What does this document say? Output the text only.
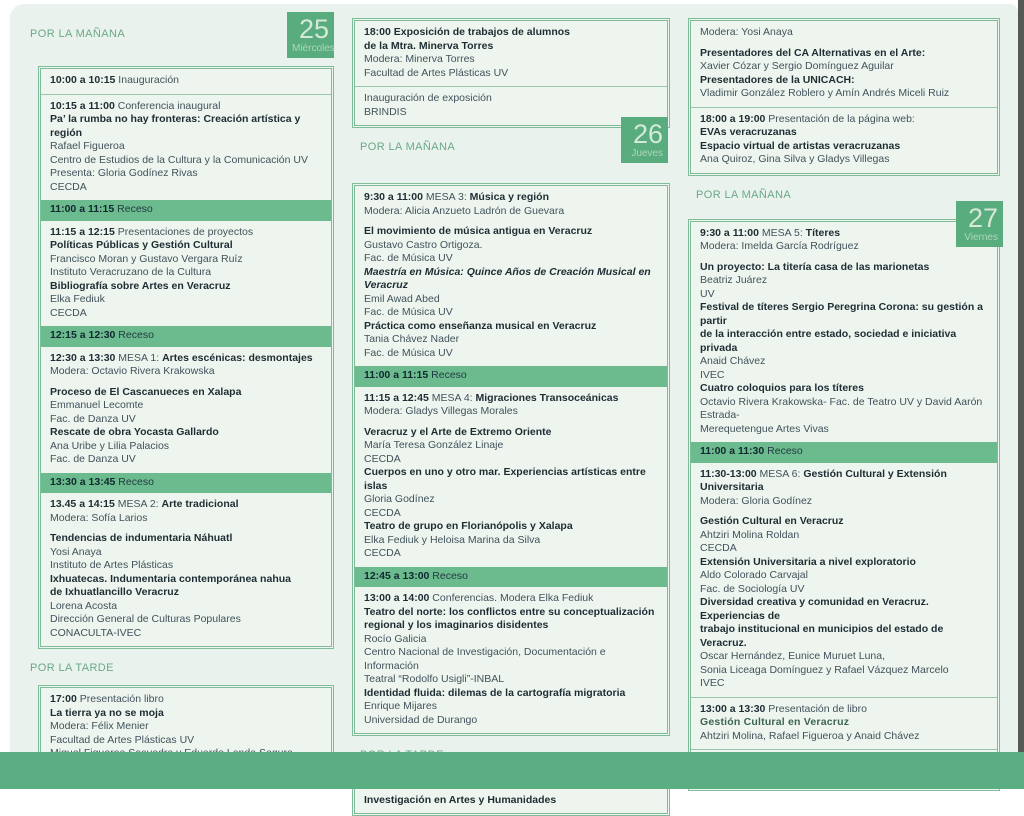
POR LA MAÑANA	25
Miércoles
10:00 a 10:15 Inauguración
10:15 a 11:00 Conferencia inaugural
Pa’ la rumba no hay fronteras: Creación artística y región
Rafael Figueroa
Centro de Estudios de la Cultura y la Comunicación UV
Presenta: Gloria Godínez Rivas
CECDA
11:00 a 11:15 Receso
11:15 a 12:15 Presentaciones de proyectos
Políticas Públicas y Gestión Cultural
Francisco Moran y Gustavo Vergara Ruíz
Instituto Veracruzano de la Cultura
Bibliografía sobre Artes en Veracruz
Elka Fediuk
CECDA
12:15 a 12:30 Receso
12:30 a 13:30 MESA 1: Artes escénicas: desmontajes
Modera: Octavio Rivera Krakowska
Proceso de El Cascanueces en Xalapa
Emmanuel Lecomte
Fac. de Danza UV
Rescate de obra Yocasta Gallardo
Ana Uribe y Lilia Palacios
Fac. de Danza UV
13:30 a 13:45 Receso
13.45 a 14:15 MESA 2: Arte tradicional
Modera: Sofía Larios
Tendencias de indumentaria Náhuatl
Yosi Anaya
Instituto de Artes Plásticas
Ixhuatecas. Indumentaria contemporánea nahua
de Ixhuatlancillo Veracruz
Lorena Acosta
Dirección General de Culturas Populares
CONACULTA-IVEC
POR LA TARDE
17:00 Presentación libro
La tierra ya no se moja
Modera: Félix Menier
Facultad de Artes Plásticas UV
18:00 Exposición de trabajos de alumnos
de la Mtra. Minerva Torres
Modera: Minerva Torres
Facultad de Artes Plásticas UV
Inauguración de exposición
BRINDIS
POR LA MAÑANA	26
Jueves
9:30 a 11:00 MESA 3: Música y región
Modera: Alicia Anzueto Ladrón de Guevara
El movimiento de música antigua en Veracruz
Gustavo Castro Ortigoza.
Fac. de Música UV
Maestría en Música: Quince Años de Creación Musical en Veracruz
Emil Awad Abed
Fac. de Música UV
Práctica como enseñanza musical en Veracruz
Tania Chávez Nader
Fac. de Música UV
11:00 a 11:15 Receso
11:15 a 12:45 MESA 4: Migraciones Transoceánicas
Modera: Gladys Villegas Morales
Veracruz y el Arte de Extremo Oriente
María Teresa González Linaje
CECDA
Cuerpos en uno y otro mar. Experiencias artísticas entre islas
Gloria Godínez
CECDA
Teatro de grupo en Florianópolis y Xalapa
Elka Fediuk y Heloisa Marina da Silva
CECDA
12:45 a 13:00 Receso
13:00 a 14:00 Conferencias. Modera Elka Fediuk
Teatro del norte: los conflictos entre su conceptualización
regional y los imaginarios disidentes
Rocío Galicia
Centro Nacional de Investigación, Documentación e Información
Teatral “Rodolfo Usigli”-INBAL
Identidad fluida: dilemas de la cartografía migratoria
Enrique Mijares
Universidad de Durango
Investigación en Artes y Humanidades
Modera: Yosi Anaya
Presentadores del CA Alternativas en el Arte:
Xavier Cózar y Sergio Domínguez Aguilar
Presentadores de la UNICACH:
Vladimir González Roblero y Amín Andrés Miceli Ruiz
18:00 a 19:00 Presentación de la página web:
EVAs veracruzanas
Espacio virtual de artistas veracruzanas
Ana Quiroz, Gina Silva y Gladys Villegas
POR LA MAÑANA
27
Viernes
9:30 a 11:00 MESA 5: Títeres
Modera: Imelda García Rodríguez
Un proyecto: La titería casa de las marionetas
Beatriz Juárez
UV
Festival de títeres Sergio Peregrina Corona: su gestión a partir
de la interacción entre estado, sociedad e iniciativa privada
Anaid Chávez
IVEC
Cuatro coloquios para los títeres
Octavio Rivera Krakowska- Fac. de Teatro UV y David Aarón Estrada-
Merequetengue Artes Vivas
11:00 a 11:30 Receso
11:30-13:00 MESA 6: Gestión Cultural y Extensión
Universitaria
Modera: Gloria Godínez
Gestión Cultural en Veracruz
Ahtziri Molina Roldan
CECDA
Extensión Universitaria a nivel exploratorio
Aldo Colorado Carvajal
Fac. de Sociología UV
Diversidad creativa y comunidad en Veracruz. Experiencias de
trabajo institucional en municipios del estado de Veracruz.
Oscar Hernández, Eunice Muruet Luna,
Sonia Liceaga Domínguez y Rafael Vázquez Marcelo
IVEC
13:00 a 13:30 Presentación de libro
Gestión Cultural en Veracruz
Ahtziri Molina, Rafael Figueroa y Anaid Chávez
